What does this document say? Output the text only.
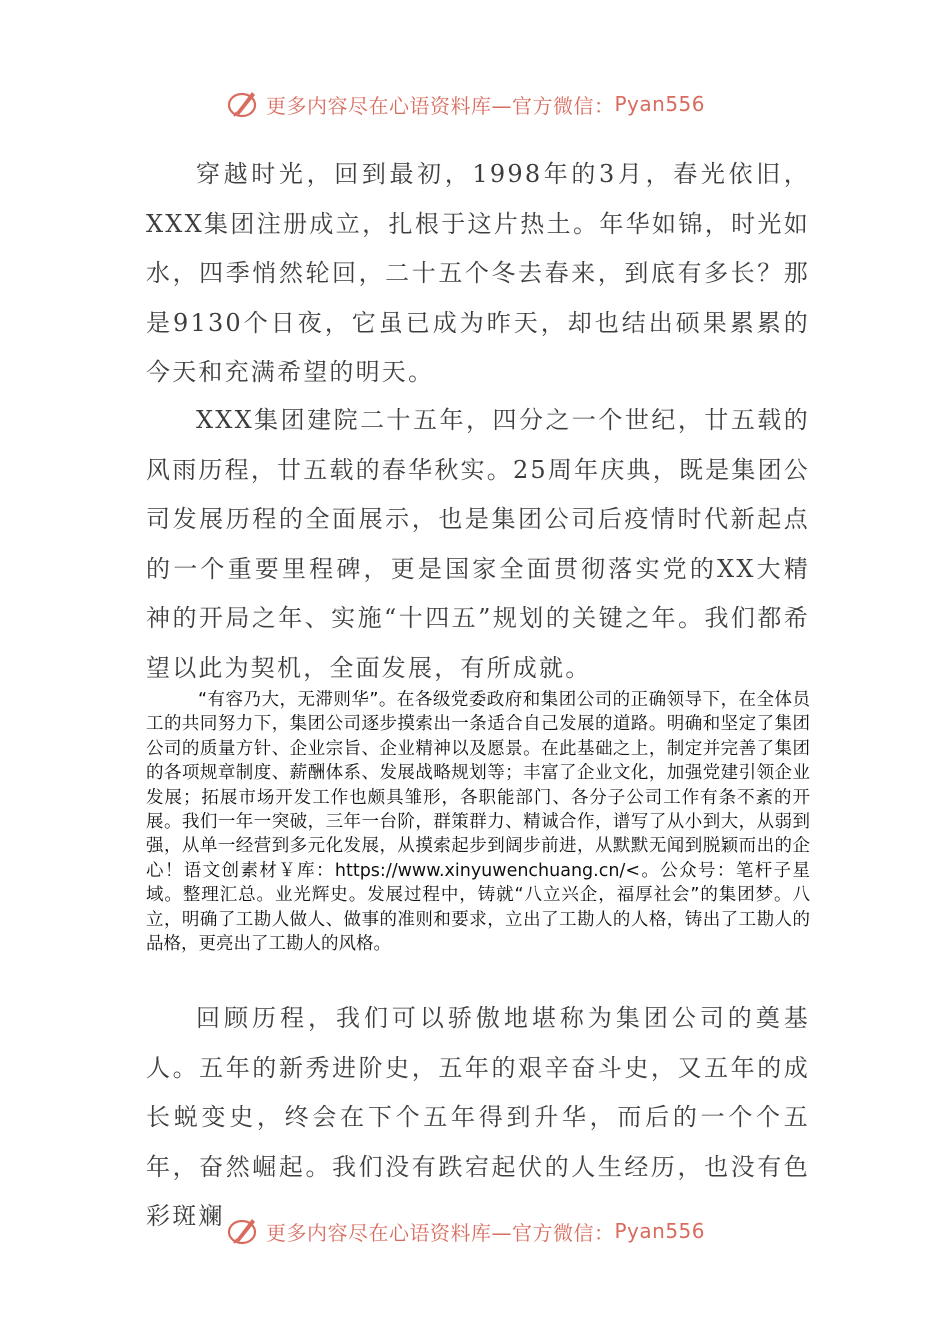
更多内容尽在心语资料库—官方微信： Pyan556

穿越时光，回到最初，1998年的3月，春光依旧，XXX集团注册成立，扎根于这片热土。年华如锦，时光如水，四季悄然轮回，二十五个冬去春来，到底有多长？那是9130个日夜，它虽已成为昨天，却也结出硕果累累的今天和充满希望的明天。

XXX集团建院二十五年，四分之一个世纪，廿五载的风雨历程，廿五载的春华秋实。25周年庆典，既是集团公司发展历程的全面展示，也是集团公司后疫情时代新起点的一个重要里程碑，更是国家全面贯彻落实党的XX大精神的开局之年、实施“十四五”规划的关键之年。我们都希望以此为契机，全面发展，有所成就。

“有容乃大，无滞则华”。在各级党委政府和集团公司的正确领导下，在全体员工的共同努力下，集团公司逐步摸索出一条适合自己发展的道路。明确和坚定了集团公司的质量方针、企业宗旨、企业精神以及愿景。在此基础之上，制定并完善了集团的各项规章制度、薪酬体系、发展战略规划等；丰富了企业文化，加强党建引领企业发展；拓展市场开发工作也颇具雏形，各职能部门、各分子公司工作有条不紊的开展。我们一年一突破，三年一台阶，群策群力、精诚合作，谱写了从小到大，从弱到强，从单一经营到多元化发展，从摸索起步到阔步前进，从默默无闻到脱颖而出的企心！语文创素材￥库：https://www.xinyuwenchuang.cn/<。公众号：笔杆子星域。整理汇总。业光辉史。发展过程中，铸就“八立兴企，福厚社会”的集团梦。八立，明确了工勘人做人、做事的准则和要求，立出了工勘人的人格，铸出了工勘人的品格，更亮出了工勘人的风格。

回顾历程，我们可以骄傲地堪称为集团公司的奠基人。五年的新秀进阶史，五年的艰辛奋斗史，又五年的成长蜕变史，终会在下个五年得到升华，而后的一个个五年，奋然崛起。我们没有跌宕起伏的人生经历，也没有色彩斑斓

更多内容尽在心语资料库—官方微信： Pyan556
